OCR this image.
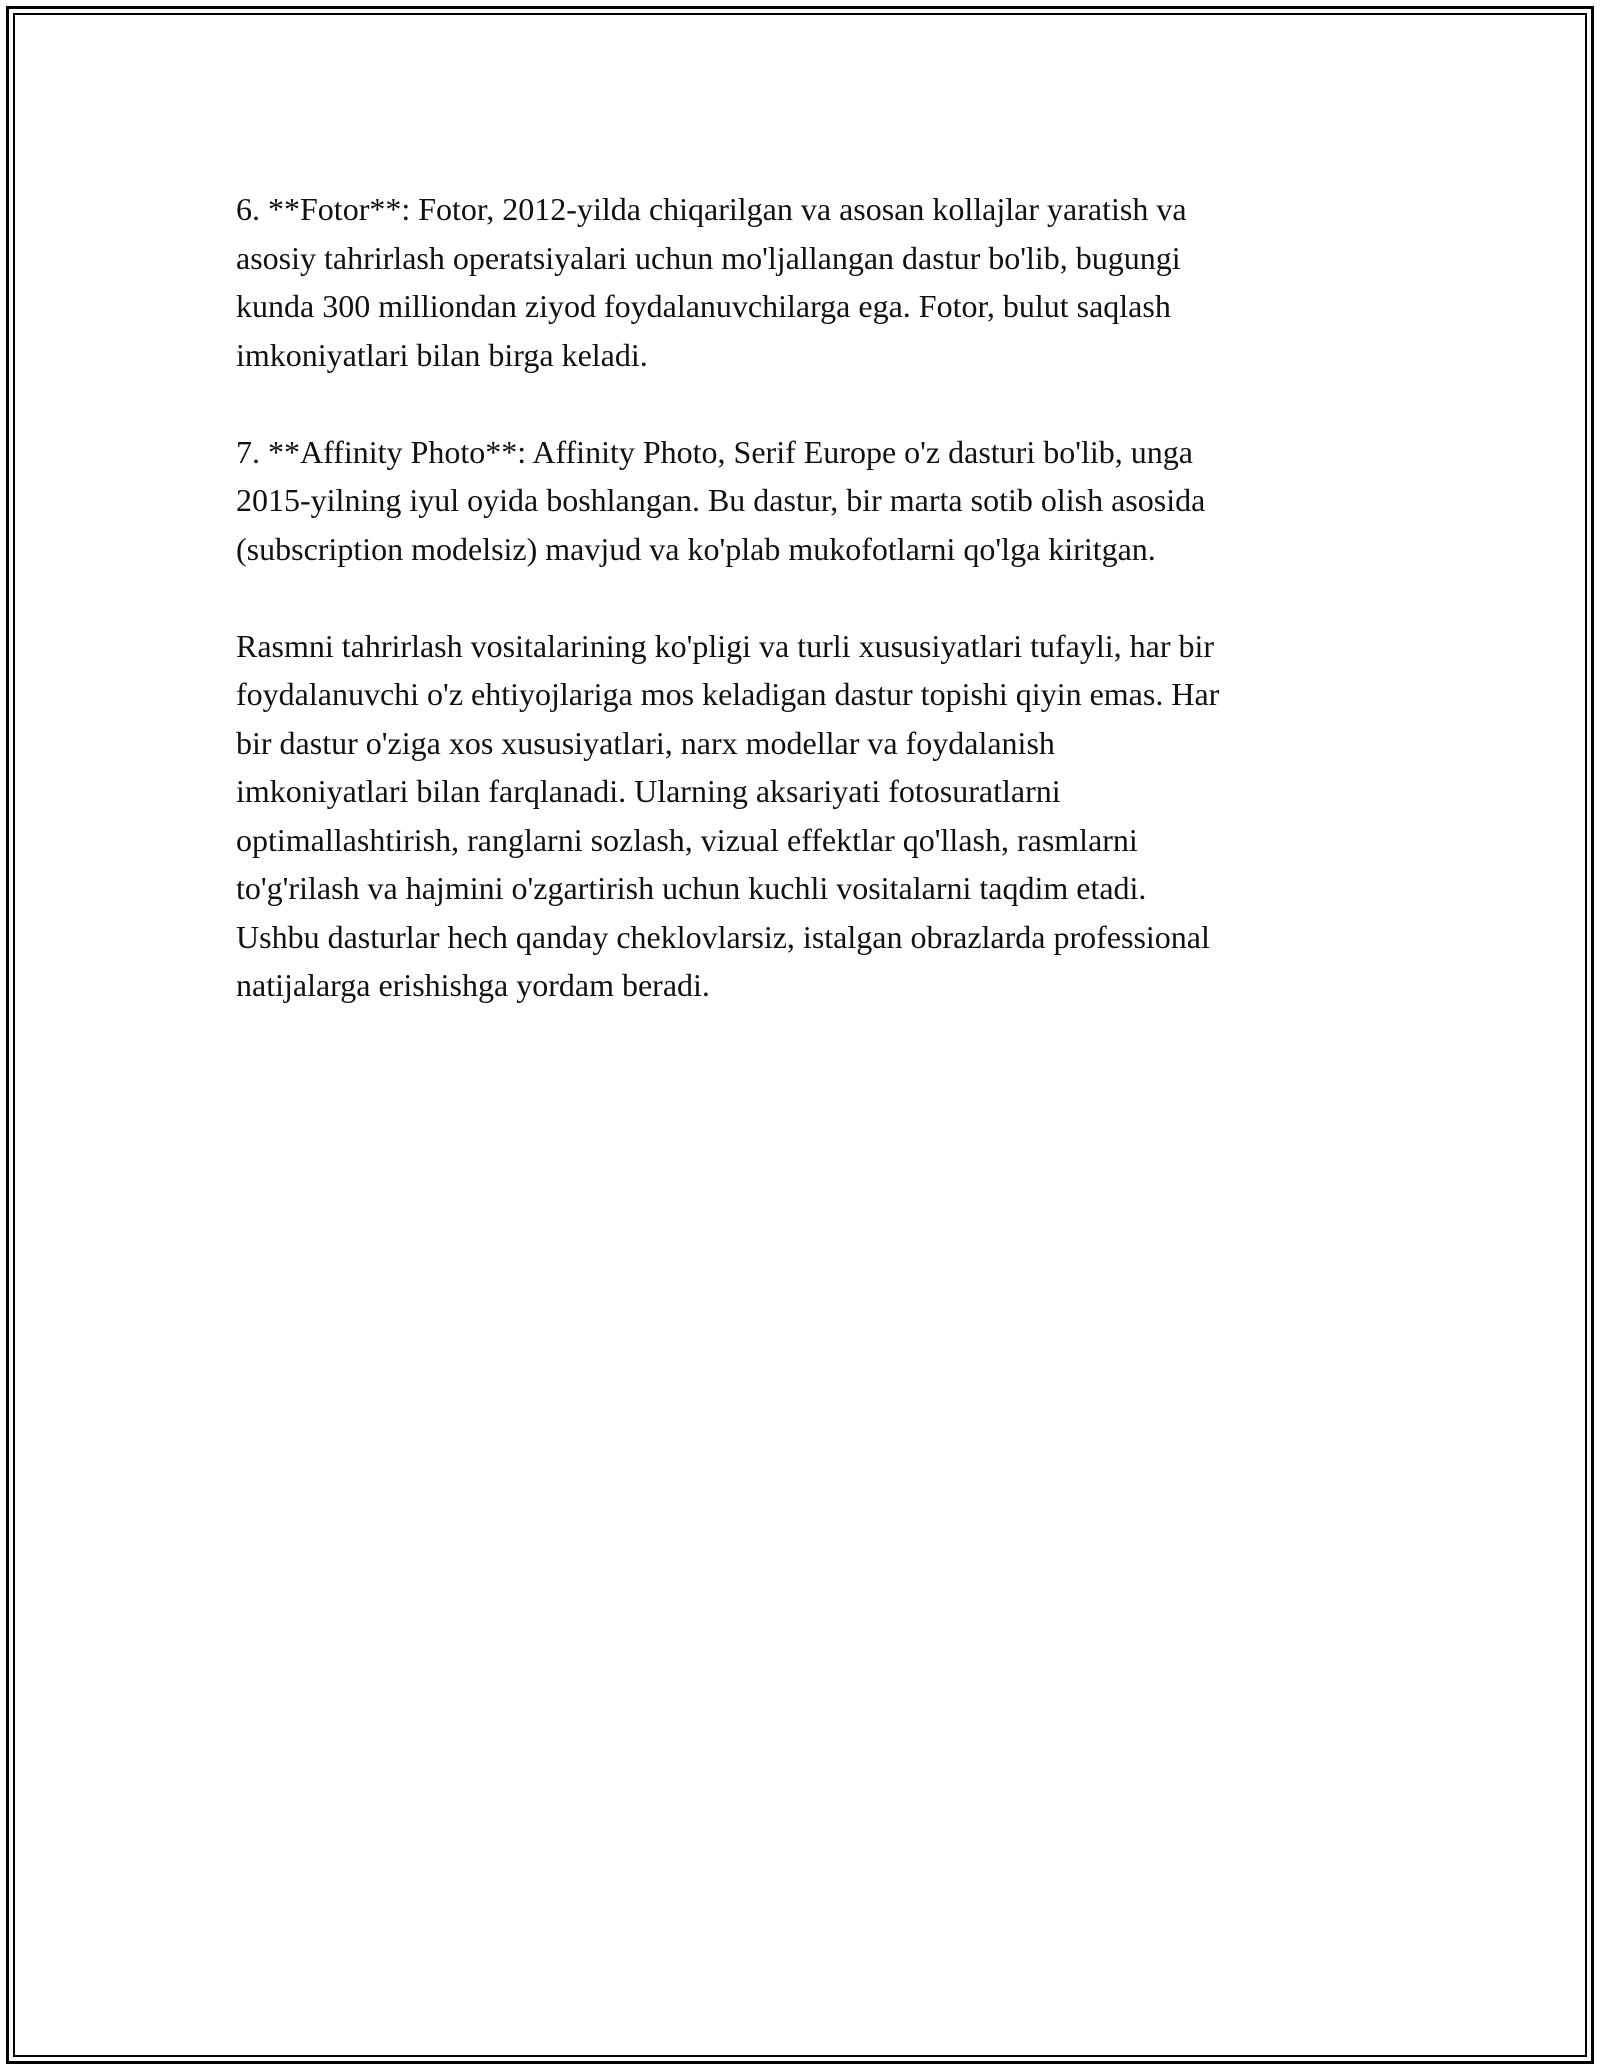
6. **Fotor**: Fotor, 2012-yilda chiqarilgan va asosan kollajlar yaratish va
asosiy tahrirlash operatsiyalari uchun mo'ljallangan dastur bo'lib, bugungi
kunda 300 milliondan ziyod foydalanuvchilarga ega. Fotor, bulut saqlash
imkoniyatlari bilan birga keladi.

7. **Affinity Photo**: Affinity Photo, Serif Europe o'z dasturi bo'lib, unga
2015-yilning iyul oyida boshlangan. Bu dastur, bir marta sotib olish asosida
(subscription modelsiz) mavjud va ko'plab mukofotlarni qo'lga kiritgan.

Rasmni tahrirlash vositalarining ko'pligi va turli xususiyatlari tufayli, har bir
foydalanuvchi o'z ehtiyojlariga mos keladigan dastur topishi qiyin emas. Har
bir dastur o'ziga xos xususiyatlari, narx modellar va foydalanish
imkoniyatlari bilan farqlanadi. Ularning aksariyati fotosuratlarni
optimallashtirish, ranglarni sozlash, vizual effektlar qo'llash, rasmlarni
to'g'rilash va hajmini o'zgartirish uchun kuchli vositalarni taqdim etadi.
Ushbu dasturlar hech qanday cheklovlarsiz, istalgan obrazlarda professional
natijalarga erishishga yordam beradi.
